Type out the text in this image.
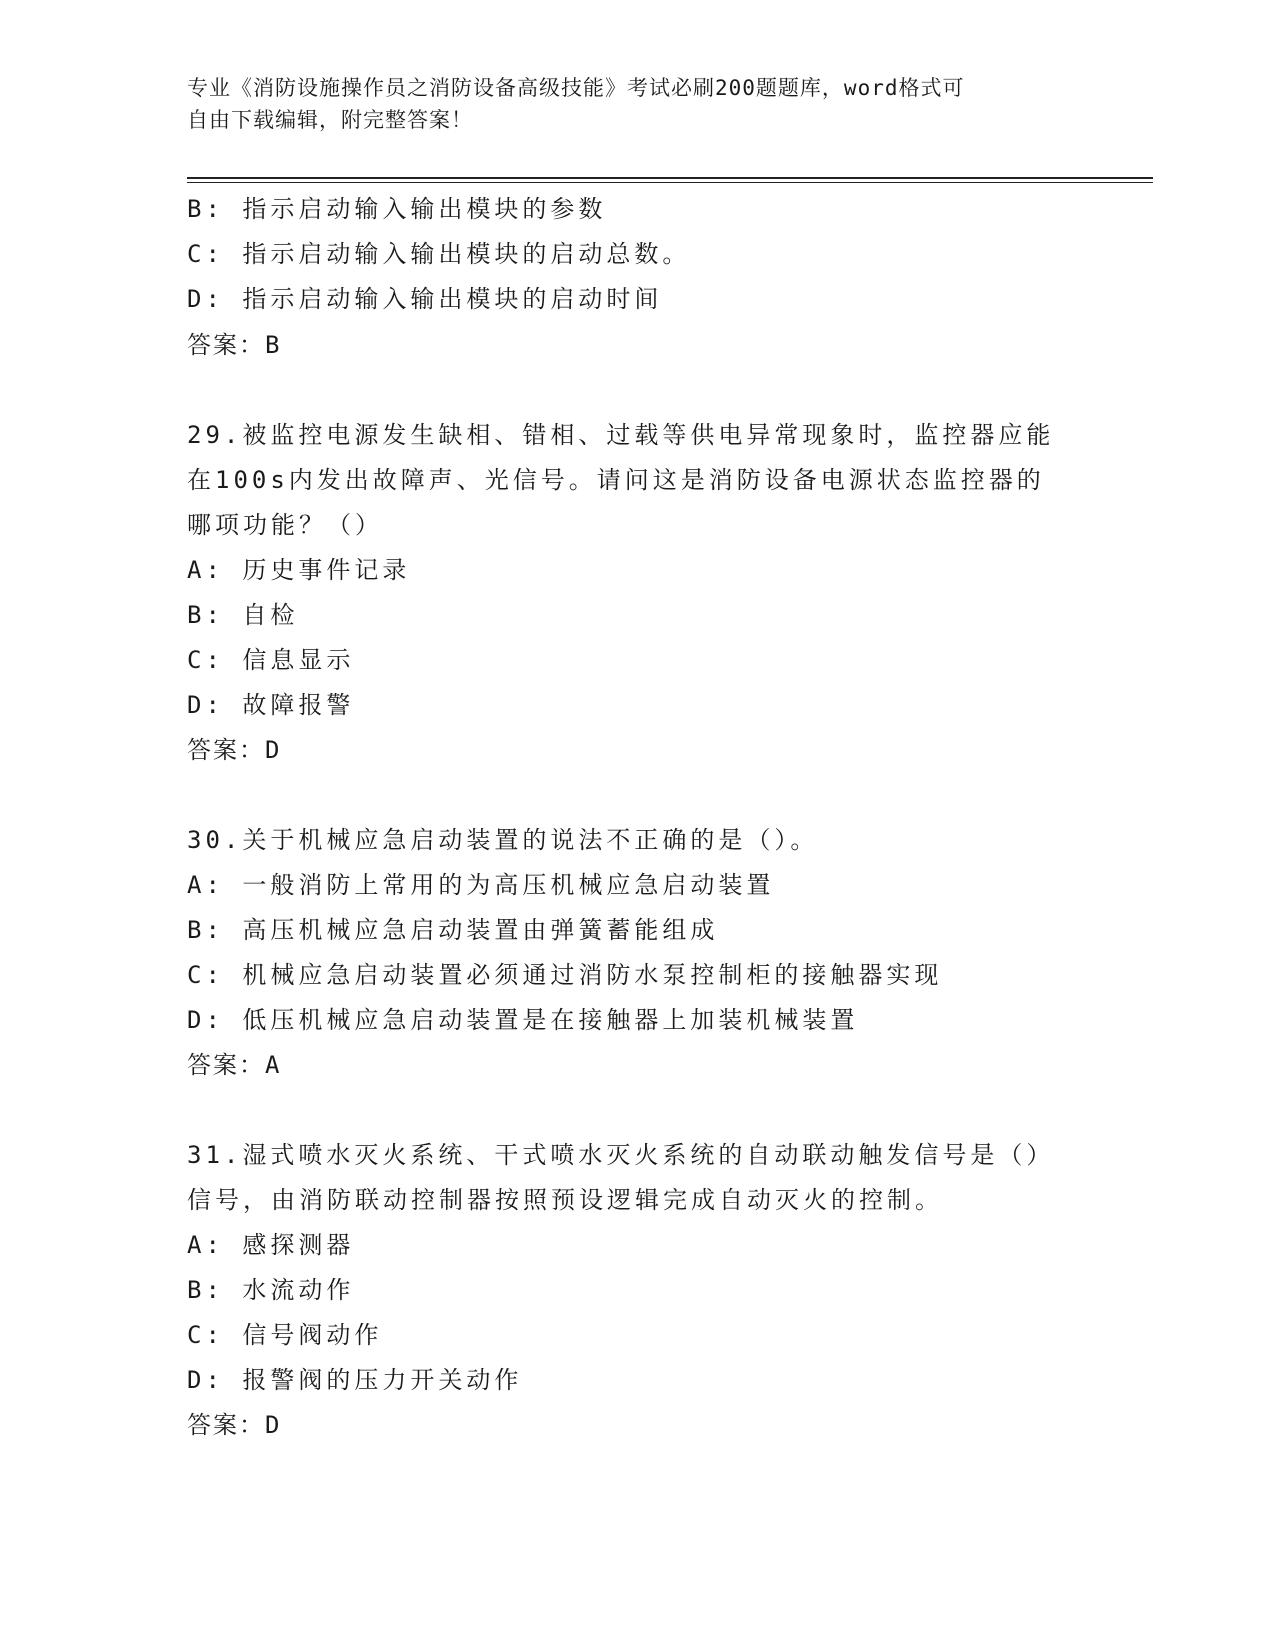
专业《消防设施操作员之消防设备高级技能》考试必刷200题题库，word格式可
自由下载编辑，附完整答案！
B: 指示启动输入输出模块的参数
C: 指示启动输入输出模块的启动总数。
D: 指示启动输入输出模块的启动时间
答案：B
29.被监控电源发生缺相、错相、过载等供电异常现象时，监控器应能
在100s内发出故障声、光信号。请问这是消防设备电源状态监控器的
哪项功能？（）
A: 历史事件记录
B: 自检
C: 信息显示
D: 故障报警
答案：D
30.关于机械应急启动装置的说法不正确的是（）。
A: 一般消防上常用的为高压机械应急启动装置
B: 高压机械应急启动装置由弹簧蓄能组成
C: 机械应急启动装置必须通过消防水泵控制柜的接触器实现
D: 低压机械应急启动装置是在接触器上加装机械装置
答案：A
31.湿式喷水灭火系统、干式喷水灭火系统的自动联动触发信号是（）
信号，由消防联动控制器按照预设逻辑完成自动灭火的控制。
A: 感探测器
B: 水流动作
C: 信号阀动作
D: 报警阀的压力开关动作
答案：D
